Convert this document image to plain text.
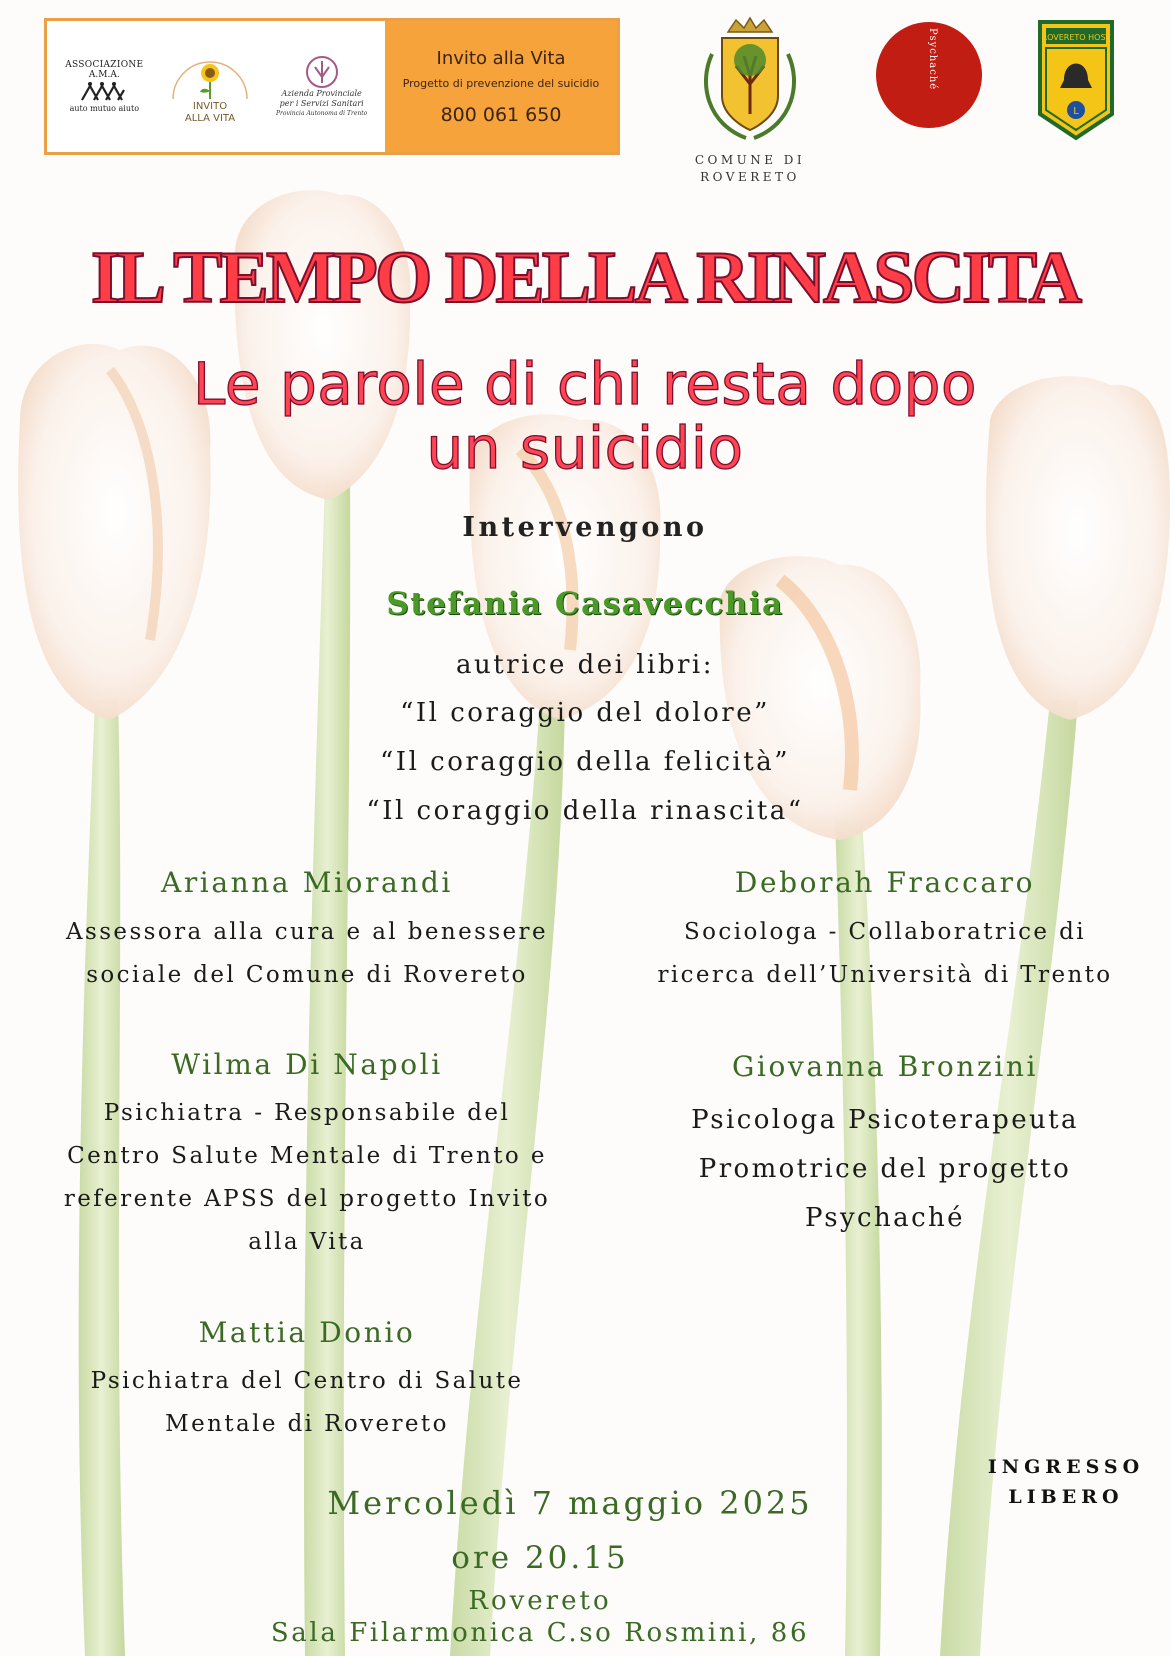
ASSOCIAZIONE
A.M.A.
auto mutuo aiuto	INVITO
ALLA VITA
Azienda Provinciale
per i Servizi Sanitari
Provincia Autonoma di Trento
Invito alla Vita
Progetto di prevenzione del suicidio
800 061 650
COMUNE DI
ROVERETO
Psychaché	ROVERETO HOST
L
IL TEMPO DELLA RINASCITA
Le parole di chi resta dopo
un suicidio
Intervengono
Stefania Casavecchia
autrice dei libri:
“Il coraggio del dolore”
“Il coraggio della felicità”
“Il coraggio della rinascita“
Arianna Miorandi
Assessora alla cura e al benessere
sociale del Comune di Rovereto
Deborah Fraccaro
Sociologa - Collaboratrice di
ricerca dell’Università di Trento
Wilma Di Napoli
Psichiatra - Responsabile del
Centro Salute Mentale di Trento e
referente APSS del progetto Invito
alla Vita
Giovanna Bronzini
Psicologa Psicoterapeuta
Promotrice del progetto
Psychaché
Mattia Donio
Psichiatra del Centro di Salute
Mentale di Rovereto
INGRESSO
LIBERO
Mercoledì 7 maggio 2025
ore 20.15
Rovereto
Sala Filarmonica C.so Rosmini, 86
